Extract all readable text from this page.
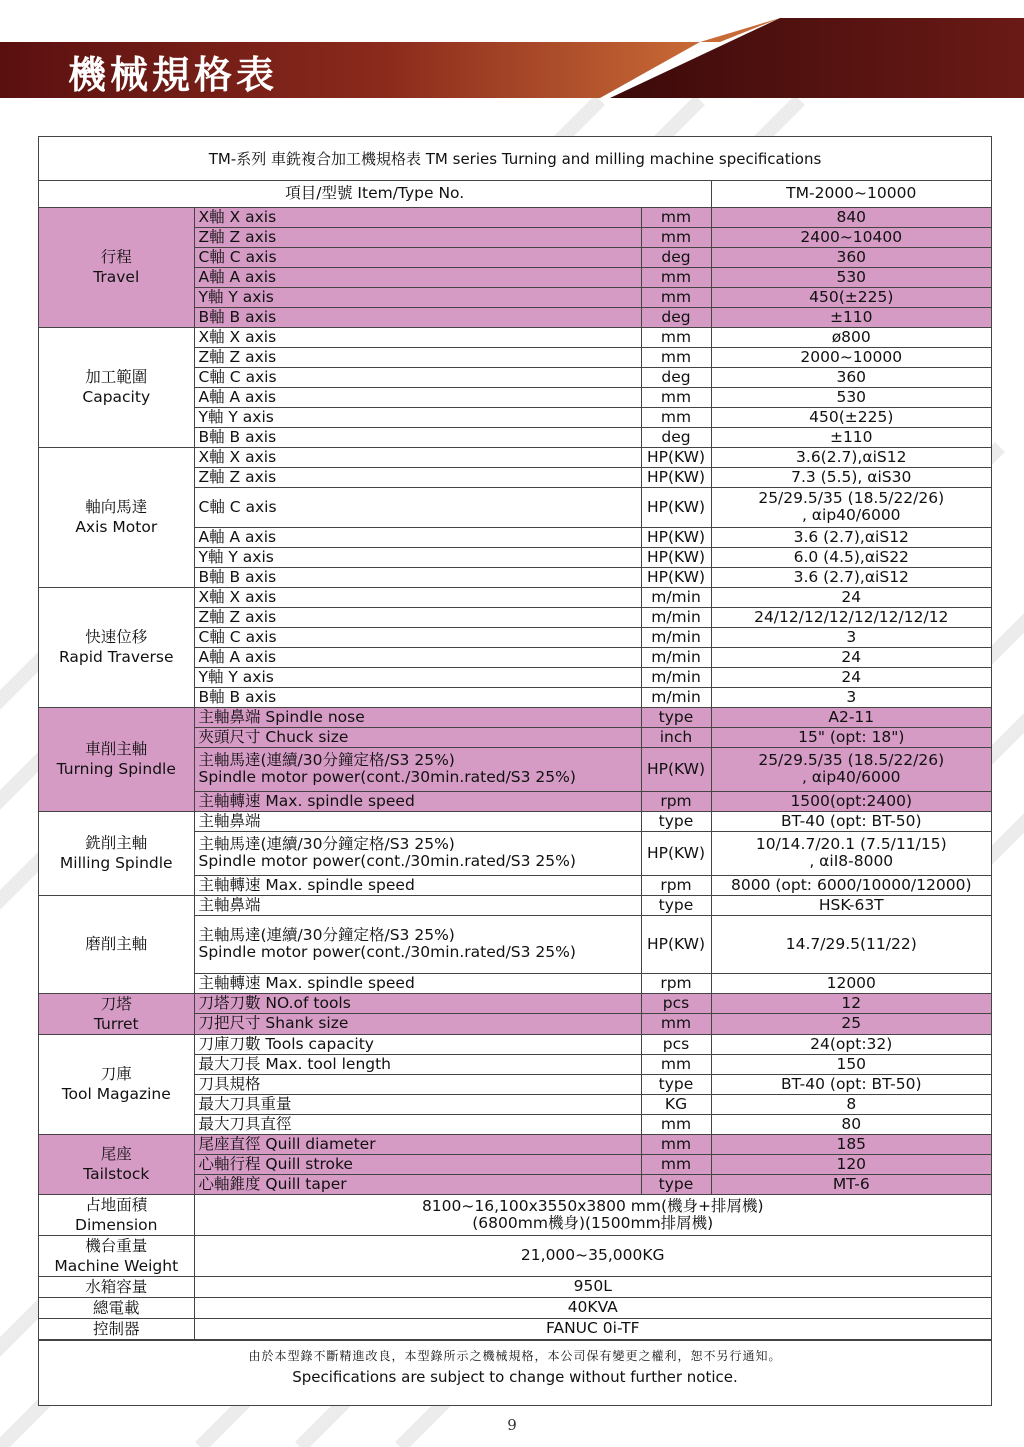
機械規格表
TM-系列 車銑複合加工機規格表 TM series Turning and milling machine specifications
項目/型號 Item/Type No.			TM-2000~10000

行程
Travel	X軸 X axis	mm	840

	Z軸 Z axis	mm	2400~10400

	C軸 C axis	deg	360

	A軸 A axis	mm	530

	Y軸 Y axis	mm	450(±225)

	B軸 B axis	deg	±110

加工範圍
Capacity	X軸 X axis	mm	ø800

	Z軸 Z axis	mm	2000~10000

	C軸 C axis	deg	360

	A軸 A axis	mm	530

	Y軸 Y axis	mm	450(±225)

	B軸 B axis	deg	±110

軸向馬達
Axis Motor	X軸 X axis	HP(KW)	3.6(2.7),αiS12

	Z軸 Z axis	HP(KW)	7.3 (5.5), αiS30

	C軸 C axis	HP(KW)	25/29.5/35 (18.5/22/26)
, αip40/6000

	A軸 A axis	HP(KW)	3.6 (2.7),αiS12

	Y軸 Y axis	HP(KW)	6.0 (4.5),αiS22

	B軸 B axis	HP(KW)	3.6 (2.7),αiS12

快速位移
Rapid Traverse	X軸 X axis	m/min	24

	Z軸 Z axis	m/min	24/12/12/12/12/12/12/12

	C軸 C axis	m/min	3

	A軸 A axis	m/min	24

	Y軸 Y axis	m/min	24

	B軸 B axis	m/min	3

車削主軸
Turning Spindle	主軸鼻端 Spindle nose	type	A2-11

	夾頭尺寸 Chuck size	inch	15" (opt: 18")

	主軸馬達(連續/30分鐘定格/S3 25%)
Spindle motor power(cont./30min.rated/S3 25%)	HP(KW)	25/29.5/35 (18.5/22/26)
, αip40/6000

	主軸轉速 Max. spindle speed	rpm	1500(opt:2400)

銑削主軸
Milling Spindle	主軸鼻端	type	BT-40 (opt: BT-50)

	主軸馬達(連續/30分鐘定格/S3 25%)
Spindle motor power(cont./30min.rated/S3 25%)	HP(KW)	10/14.7/20.1 (7.5/11/15)
, αiI8-8000

	主軸轉速 Max. spindle speed	rpm	8000 (opt: 6000/10000/12000)

磨削主軸	主軸鼻端	type	HSK-63T

	主軸馬達(連續/30分鐘定格/S3 25%)
Spindle motor power(cont./30min.rated/S3 25%)	HP(KW)	14.7/29.5(11/22)

	主軸轉速 Max. spindle speed	rpm	12000

刀塔
Turret	刀塔刀數 NO.of tools	pcs	12

	刀把尺寸 Shank size	mm	25

刀庫
Tool Magazine	刀庫刀數 Tools capacity	pcs	24(opt:32)

	最大刀長 Max. tool length	mm	150

	刀具規格	type	BT-40 (opt: BT-50)

	最大刀具重量	KG	8

	最大刀具直徑	mm	80

尾座
Tailstock	尾座直徑 Quill diameter	mm	185

	心軸行程 Quill stroke	mm	120

	心軸錐度 Quill taper	type	MT-6

占地面積
Dimension	8100~16,100x3550x3800 mm(機身+排屑機)
(6800mm機身)(1500mm排屑機)		

機台重量
Machine Weight	21,000~35,000KG		

水箱容量	950L		

總電載	40KVA		

控制器	FANUC 0i-TF		
由於本型錄不斷精進改良，本型錄所示之機械規格，本公司保有變更之權利，恕不另行通知。
Specifications are subject to change without further notice.
9
